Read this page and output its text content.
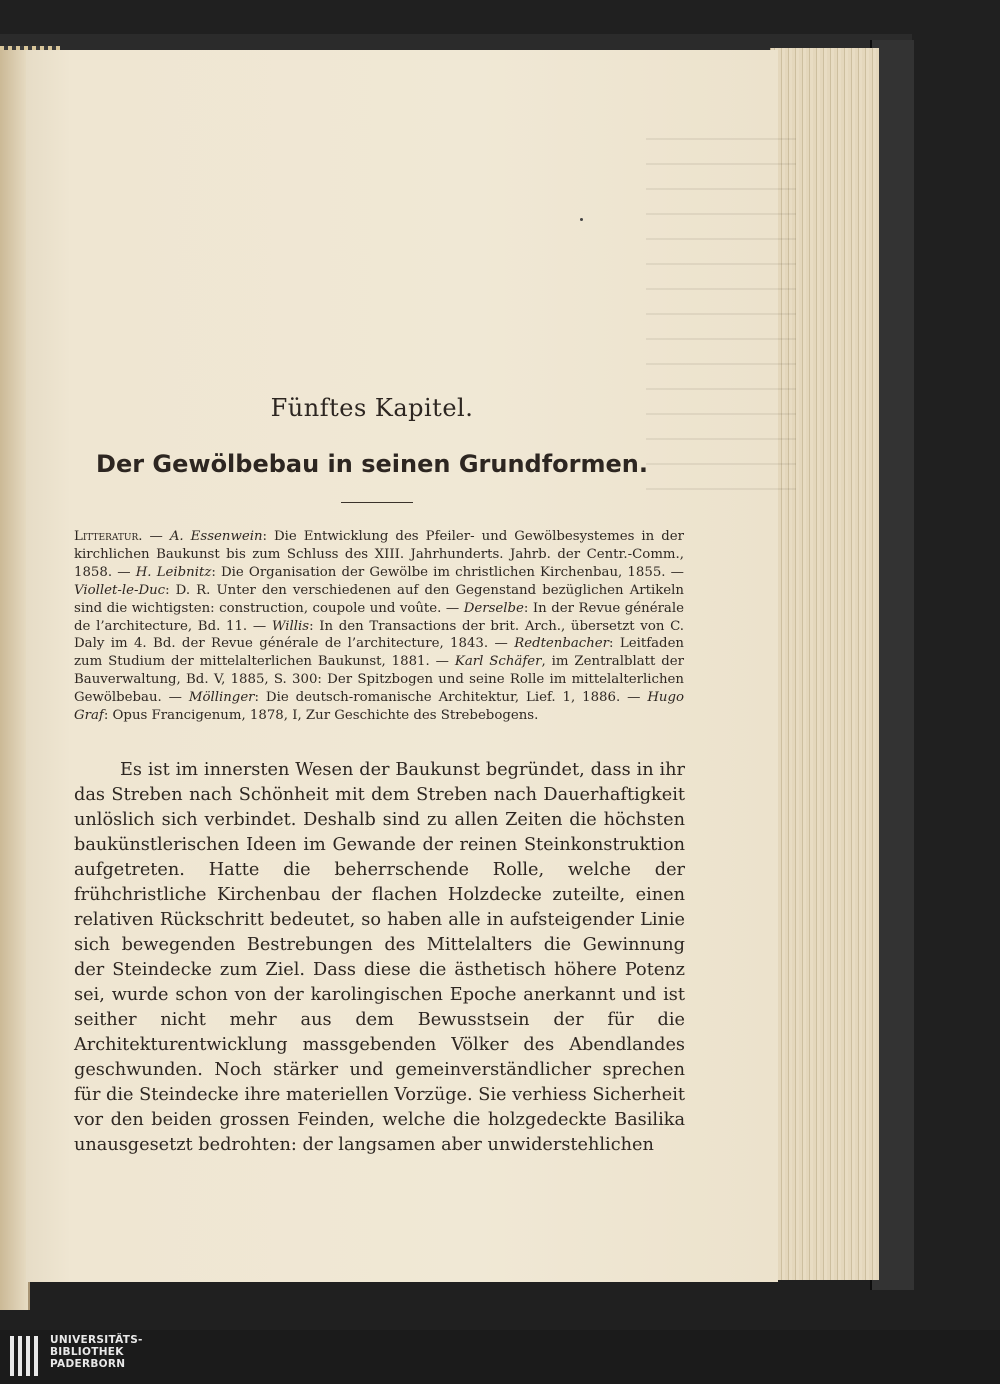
Fünftes Kapitel.
Der Gewölbebau in seinen Grundformen.
Litteratur. — A. Essenwein: Die Entwicklung des Pfeiler- und Gewölbesystemes in der kirchlichen Baukunst bis zum Schluss des XIII. Jahrhunderts. Jahrb. der Centr.-Comm., 1858. — H. Leibnitz: Die Organisation der Gewölbe im christlichen Kirchenbau, 1855. — Viollet-le-Duc: D. R. Unter den verschiedenen auf den Gegenstand bezüglichen Artikeln sind die wichtigsten: construction, coupole und voûte. — Derselbe: In der Revue générale de l’architecture, Bd. 11. — Willis: In den Transactions der brit. Arch., übersetzt von C. Daly im 4. Bd. der Revue générale de l’architecture, 1843. — Redtenbacher: Leitfaden zum Studium der mittelalterlichen Baukunst, 1881. — Karl Schäfer, im Zentralblatt der Bauverwaltung, Bd. V, 1885, S. 300: Der Spitzbogen und seine Rolle im mittelalterlichen Gewölbebau. — Möllinger: Die deutsch-romanische Architektur, Lief. 1, 1886. — Hugo Graf: Opus Francigenum, 1878, I, Zur Geschichte des Strebebogens.

Es ist im innersten Wesen der Baukunst begründet, dass in ihr das Streben nach Schönheit mit dem Streben nach Dauerhaftigkeit unlöslich sich verbindet. Deshalb sind zu allen Zeiten die höchsten baukünstlerischen Ideen im Gewande der reinen Steinkonstruktion aufgetreten. Hatte die beherrschende Rolle, welche der frühchristliche Kirchenbau der flachen Holzdecke zuteilte, einen relativen Rückschritt bedeutet, so haben alle in aufsteigender Linie sich bewegenden Bestrebungen des Mittelalters die Gewinnung der Steindecke zum Ziel. Dass diese die ästhetisch höhere Potenz sei, wurde schon von der karolingischen Epoche anerkannt und ist seither nicht mehr aus dem Bewusstsein der für die Architekturentwicklung massgebenden Völker des Abendlandes geschwunden. Noch stärker und gemeinverständlicher sprechen für die Steindecke ihre materiellen Vorzüge. Sie verhiess Sicherheit vor den beiden grossen Feinden, welche die holzgedeckte Basilika unausgesetzt bedrohten: der langsamen aber unwiderstehlichen

UNIVERSITÄTS-
BIBLIOTHEK
PADERBORN
